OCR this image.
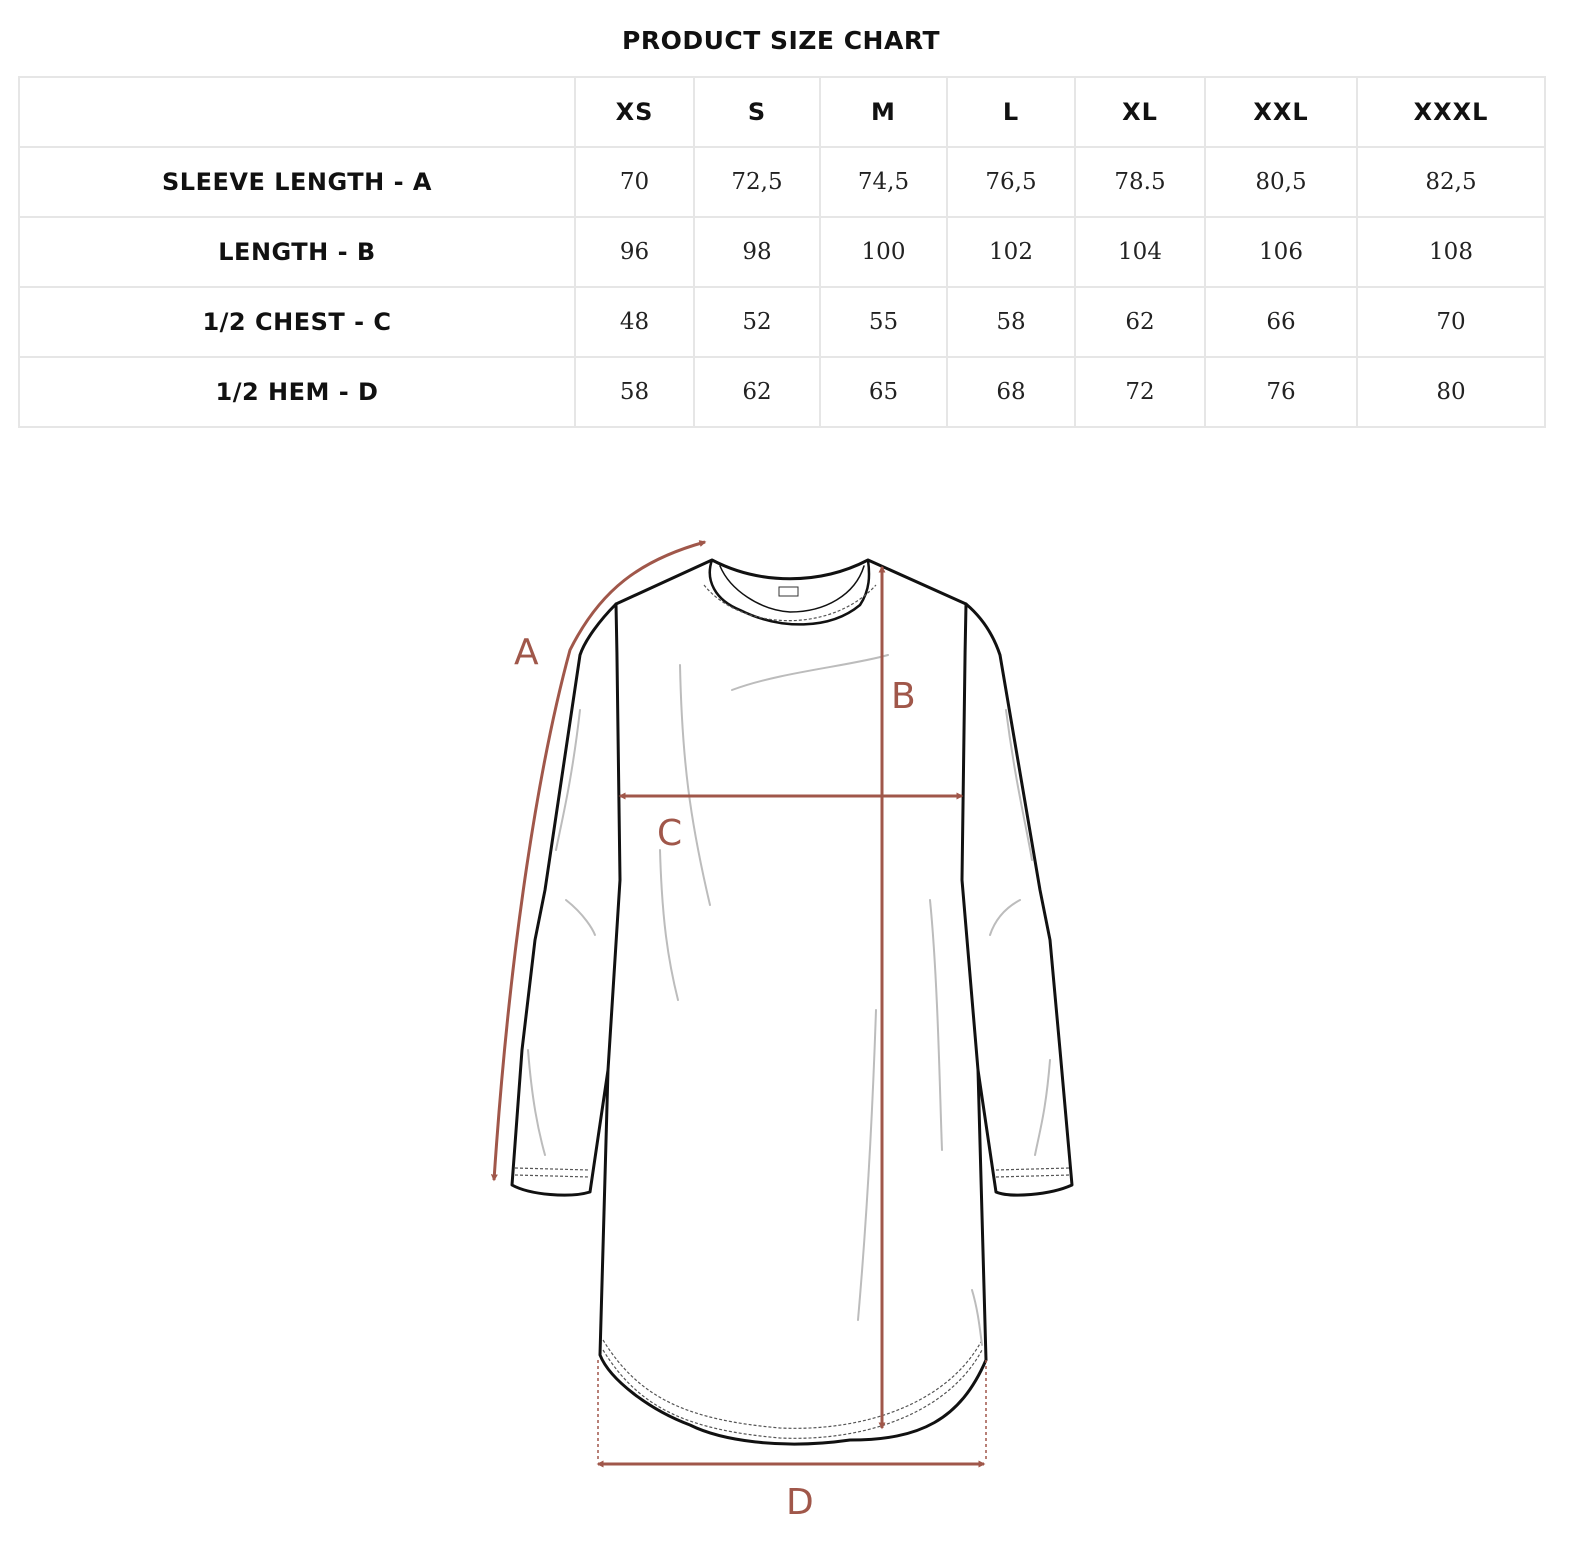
PRODUCT SIZE CHART
	XS	S	M	L	XL	XXL	XXXL
SLEEVE LENGTH - A	70	72,5	74,5	76,5	78.5	80,5	82,5
LENGTH - B	96	98	100	102	104	106	108
1/2 CHEST - C	48	52	55	58	62	66	70
1/2 HEM - D	58	62	65	68	72	76	80
A
B
C
D
